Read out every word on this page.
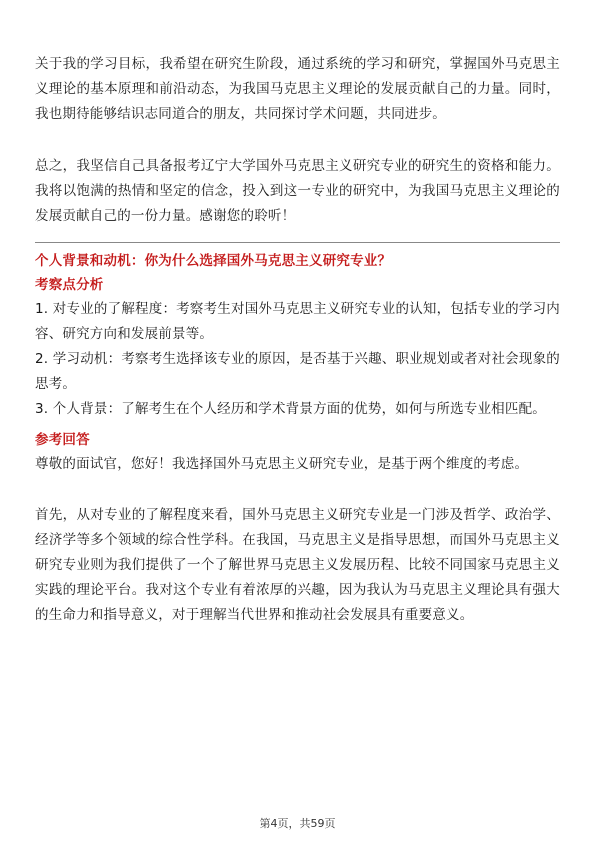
关于我的学习目标，我希望在研究生阶段，通过系统的学习和研究，掌握国外马克思主义理论的基本原理和前沿动态，为我国马克思主义理论的发展贡献自己的力量。同时，我也期待能够结识志同道合的朋友，共同探讨学术问题，共同进步。

总之，我坚信自己具备报考辽宁大学国外马克思主义研究专业的研究生的资格和能力。我将以饱满的热情和坚定的信念，投入到这一专业的研究中，为我国马克思主义理论的发展贡献自己的一份力量。感谢您的聆听！

个人背景和动机：你为什么选择国外马克思主义研究专业？
考察点分析

1. 对专业的了解程度：考察考生对国外马克思主义研究专业的认知，包括专业的学习内容、研究方向和发展前景等。

2. 学习动机：考察考生选择该专业的原因，是否基于兴趣、职业规划或者对社会现象的思考。

3. 个人背景：了解考生在个人经历和学术背景方面的优势，如何与所选专业相匹配。

参考回答

尊敬的面试官，您好！我选择国外马克思主义研究专业，是基于两个维度的考虑。

首先，从对专业的了解程度来看，国外马克思主义研究专业是一门涉及哲学、政治学、经济学等多个领域的综合性学科。在我国，马克思主义是指导思想，而国外马克思主义研究专业则为我们提供了一个了解世界马克思主义发展历程、比较不同国家马克思主义实践的理论平台。我对这个专业有着浓厚的兴趣，因为我认为马克思主义理论具有强大的生命力和指导意义，对于理解当代世界和推动社会发展具有重要意义。

第4页，共59页
